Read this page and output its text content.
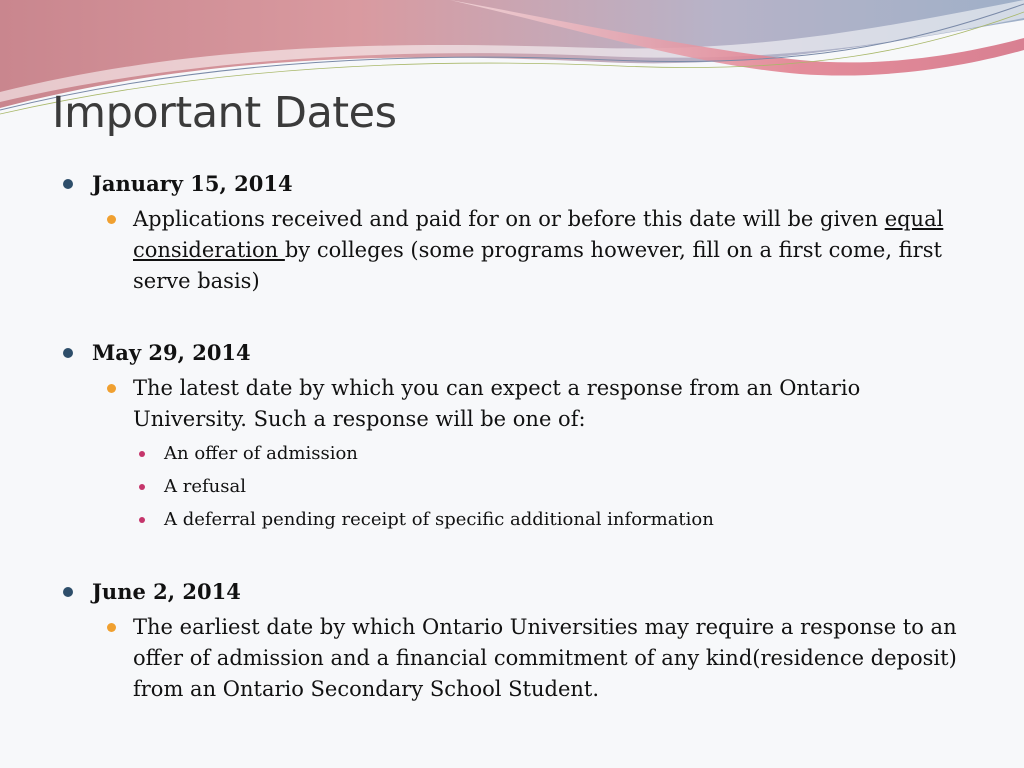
Important Dates
January 15, 2014
Applications received and paid for on or before this date will be given equal consideration by colleges (some programs however, fill on a first come, first serve basis)
May 29, 2014
The latest date by which you can expect a response from an Ontario University. Such a response will be one of:
An offer of admission
A refusal
A deferral pending receipt of specific additional information
June 2, 2014
The earliest date by which Ontario Universities may require a response to an offer of admission and a financial commitment of any kind(residence deposit) from an Ontario Secondary School Student.
